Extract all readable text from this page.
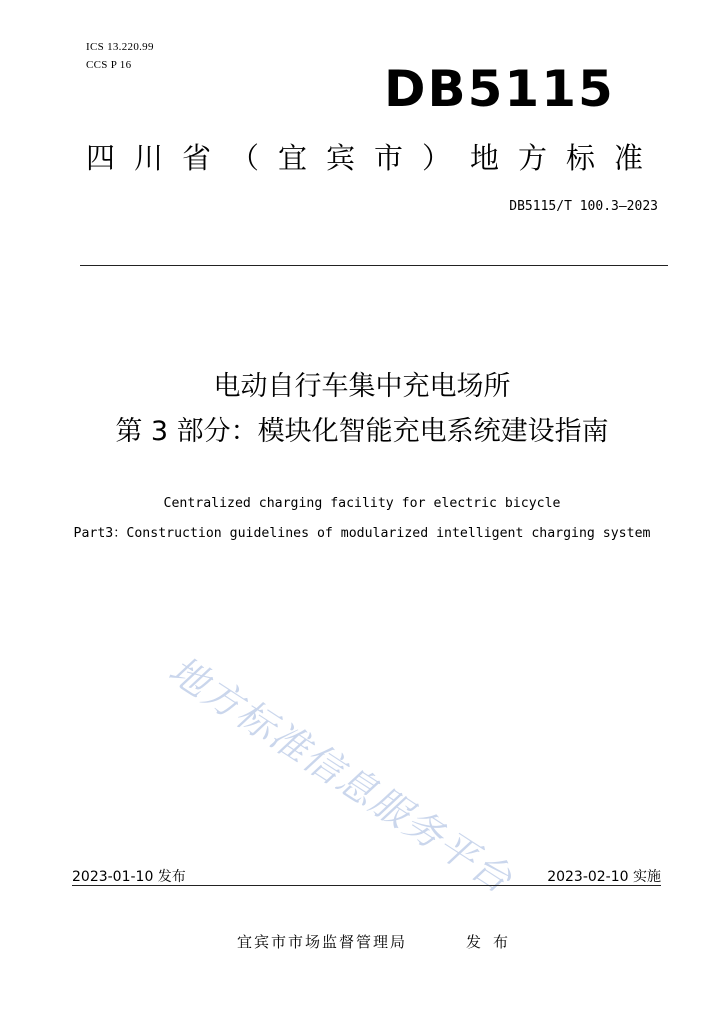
ICS 13.220.99
CCS P 16	DB5115
四川省（宜宾市）地方标准
DB5115/T 100.3—2023
电动自行车集中充电场所
第 3 部分：模块化智能充电系统建设指南
Centralized charging facility for electric bicycle
Part3：Construction guidelines of modularized intelligent charging system
地方标准信息服务平台
2023-01-10 发布	2023-02-10 实施
宜宾市市场监督管理局	发布
